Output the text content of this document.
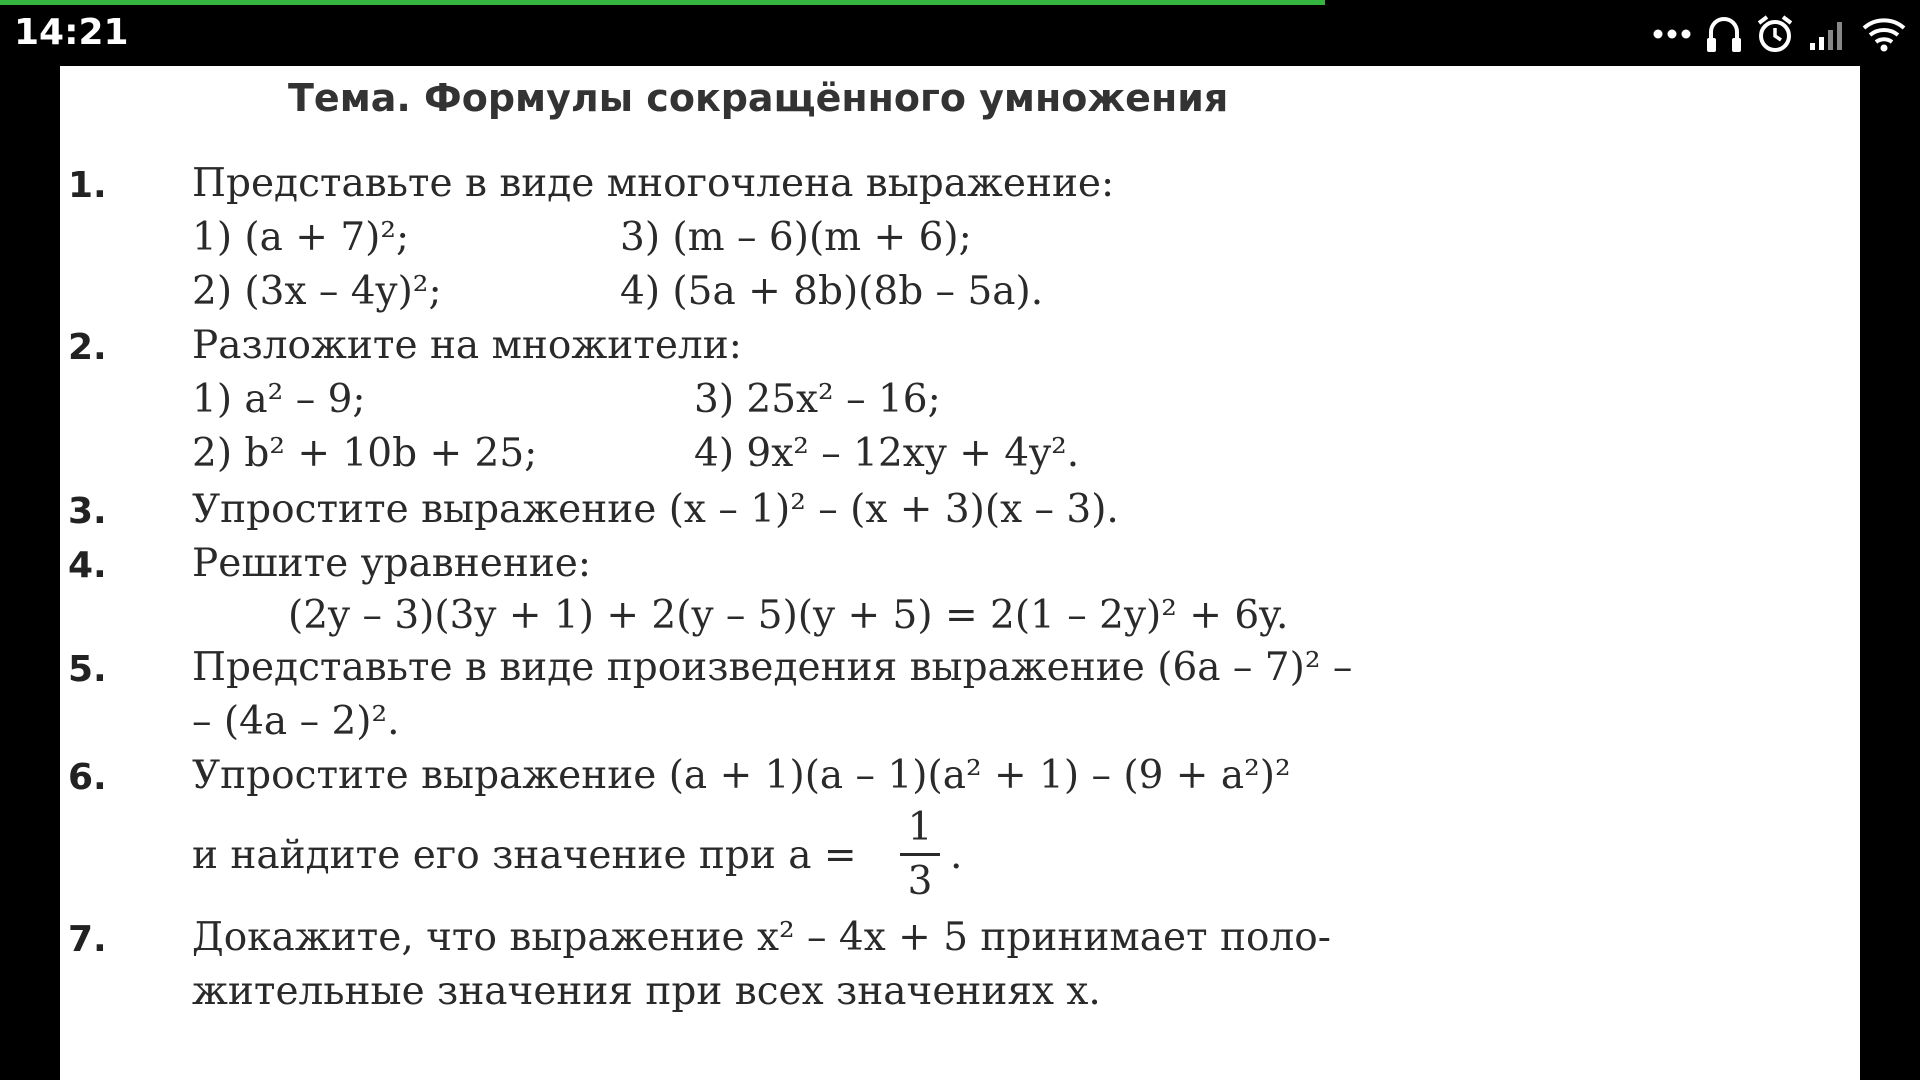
14:21
Тема. Формулы сокращённого умножения
1. Представьте в виде многочлена выражение:
1) (a + 7)²;	3) (m – 6)(m + 6);
2) (3x – 4y)²;	4) (5a + 8b)(8b – 5a).
2. Разложите на множители:
1) a² – 9;	3) 25x² – 16;
2) b² + 10b + 25;	4) 9x² – 12xy + 4y².
3. Упростите выражение (x – 1)² – (x + 3)(x – 3).
4. Решите уравнение:
(2y – 3)(3y + 1) + 2(y – 5)(y + 5) = 2(1 – 2y)² + 6y.
5. Представьте в виде произведения выражение (6a – 7)² –
– (4a – 2)².
6. Упростите выражение (a + 1)(a – 1)(a² + 1) – (9 + a²)²
и найдите его значение при a =
1
3
.
7. Докажите, что выражение x² – 4x + 5 принимает поло-
жительные значения при всех значениях x.
